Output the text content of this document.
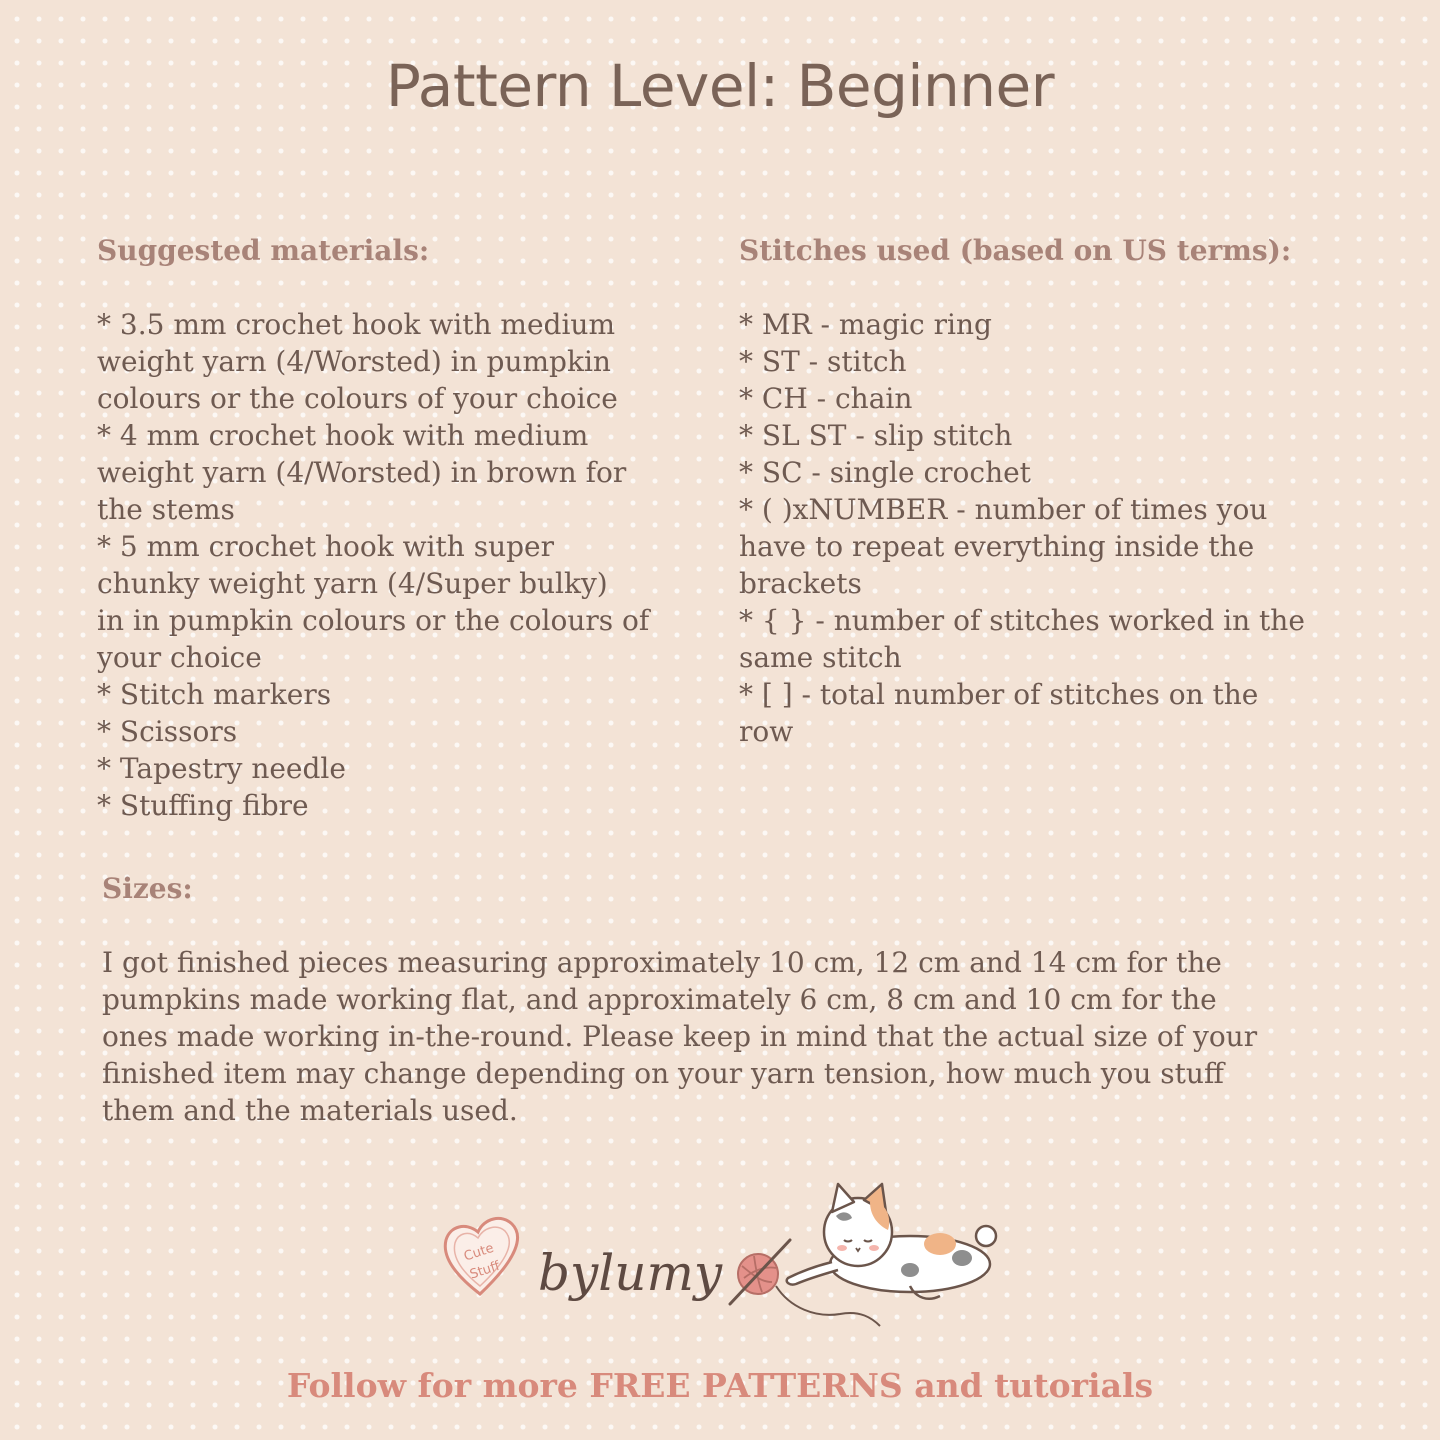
Pattern Level: Beginner
Suggested materials:
* 3.5 mm crochet hook with medium
weight yarn (4/Worsted) in pumpkin
colours or the colours of your choice
* 4 mm crochet hook with medium
weight yarn (4/Worsted) in brown for
the stems
* 5 mm crochet hook with super
chunky weight yarn (4/Super bulky)
in in pumpkin colours or the colours of
your choice
* Stitch markers
* Scissors
* Tapestry needle
* Stuffing fibre
Stitches used (based on US terms):
* MR - magic ring
* ST - stitch
* CH - chain
* SL ST - slip stitch
* SC - single crochet
* ( )xNUMBER - number of times you
have to repeat everything inside the
brackets
* { } - number of stitches worked in the
same stitch
* [ ] - total number of stitches on the
row
Sizes:
I got finished pieces measuring approximately 10 cm, 12 cm and 14 cm for the
pumpkins made working flat, and approximately 6 cm, 8 cm and 10 cm for the
ones made working in-the-round. Please keep in mind that the actual size of your
finished item may change depending on your yarn tension, how much you stuff
them and the materials used.
Cute
Stuff bylumy
Follow for more FREE PATTERNS and tutorials
